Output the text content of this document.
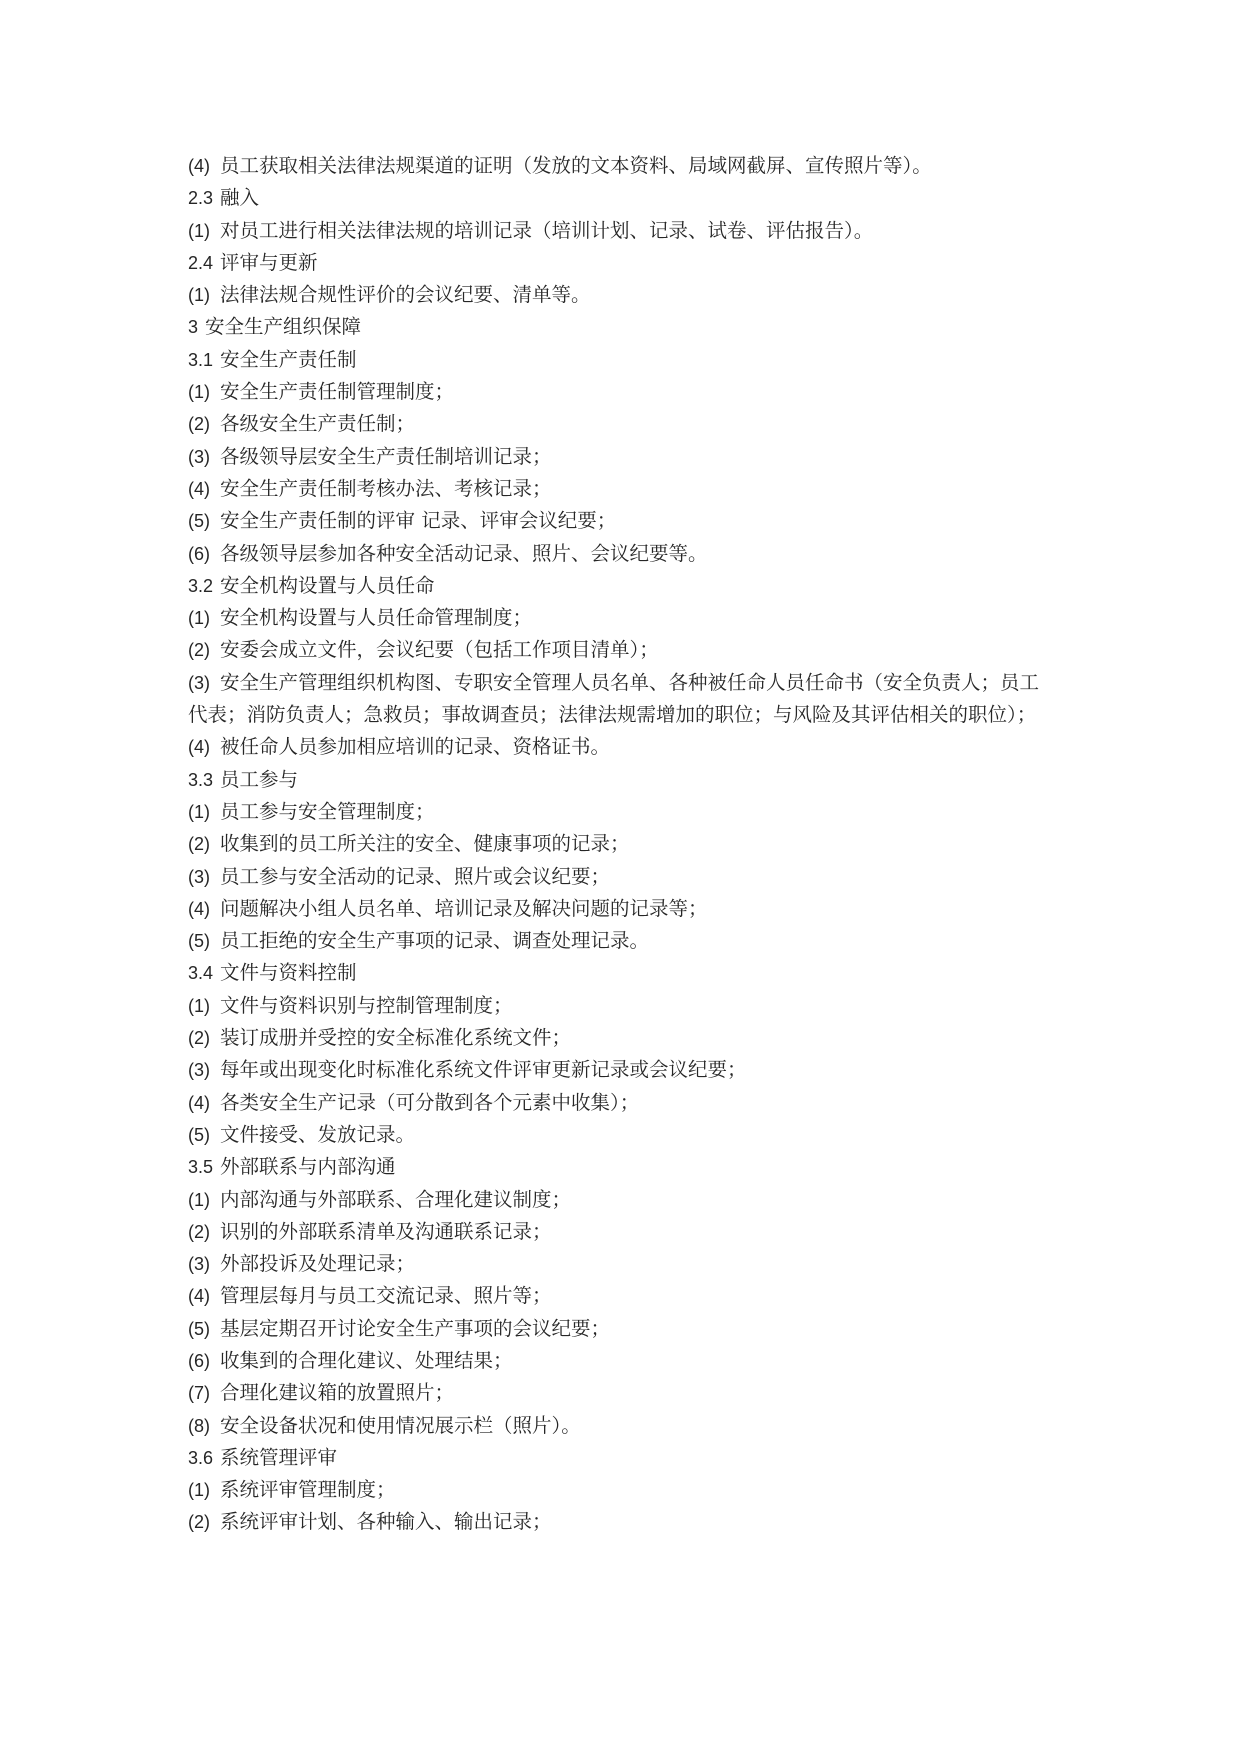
(4) 员工获取相关法律法规渠道的证明（发放的文本资料、局域网截屏、宣传照片等）。
2.3 融入
(1) 对员工进行相关法律法规的培训记录（培训计划、记录、试卷、评估报告）。
2.4 评审与更新
(1) 法律法规合规性评价的会议纪要、清单等。
3 安全生产组织保障
3.1 安全生产责任制
(1) 安全生产责任制管理制度；
(2) 各级安全生产责任制；
(3) 各级领导层安全生产责任制培训记录；
(4) 安全生产责任制考核办法、考核记录；
(5) 安全生产责任制的评审 记录、评审会议纪要；
(6) 各级领导层参加各种安全活动记录、照片、会议纪要等。
3.2 安全机构设置与人员任命
(1) 安全机构设置与人员任命管理制度；
(2) 安委会成立文件，会议纪要（包括工作项目清单）；
(3) 安全生产管理组织机构图、专职安全管理人员名单、各种被任命人员任命书（安全负责人；员工代表；消防负责人；急救员；事故调查员；法律法规需增加的职位；与风险及其评估相关的职位）；
(4) 被任命人员参加相应培训的记录、资格证书。
3.3 员工参与
(1) 员工参与安全管理制度；
(2) 收集到的员工所关注的安全、健康事项的记录；
(3) 员工参与安全活动的记录、照片或会议纪要；
(4) 问题解决小组人员名单、培训记录及解决问题的记录等；
(5) 员工拒绝的安全生产事项的记录、调查处理记录。
3.4 文件与资料控制
(1) 文件与资料识别与控制管理制度；
(2) 装订成册并受控的安全标准化系统文件；
(3) 每年或出现变化时标准化系统文件评审更新记录或会议纪要；
(4) 各类安全生产记录（可分散到各个元素中收集）；
(5) 文件接受、发放记录。
3.5 外部联系与内部沟通
(1) 内部沟通与外部联系、合理化建议制度；
(2) 识别的外部联系清单及沟通联系记录；
(3) 外部投诉及处理记录；
(4) 管理层每月与员工交流记录、照片等；
(5) 基层定期召开讨论安全生产事项的会议纪要；
(6) 收集到的合理化建议、处理结果；
(7) 合理化建议箱的放置照片；
(8) 安全设备状况和使用情况展示栏（照片）。
3.6 系统管理评审
(1) 系统评审管理制度；
(2) 系统评审计划、各种输入、输出记录；
